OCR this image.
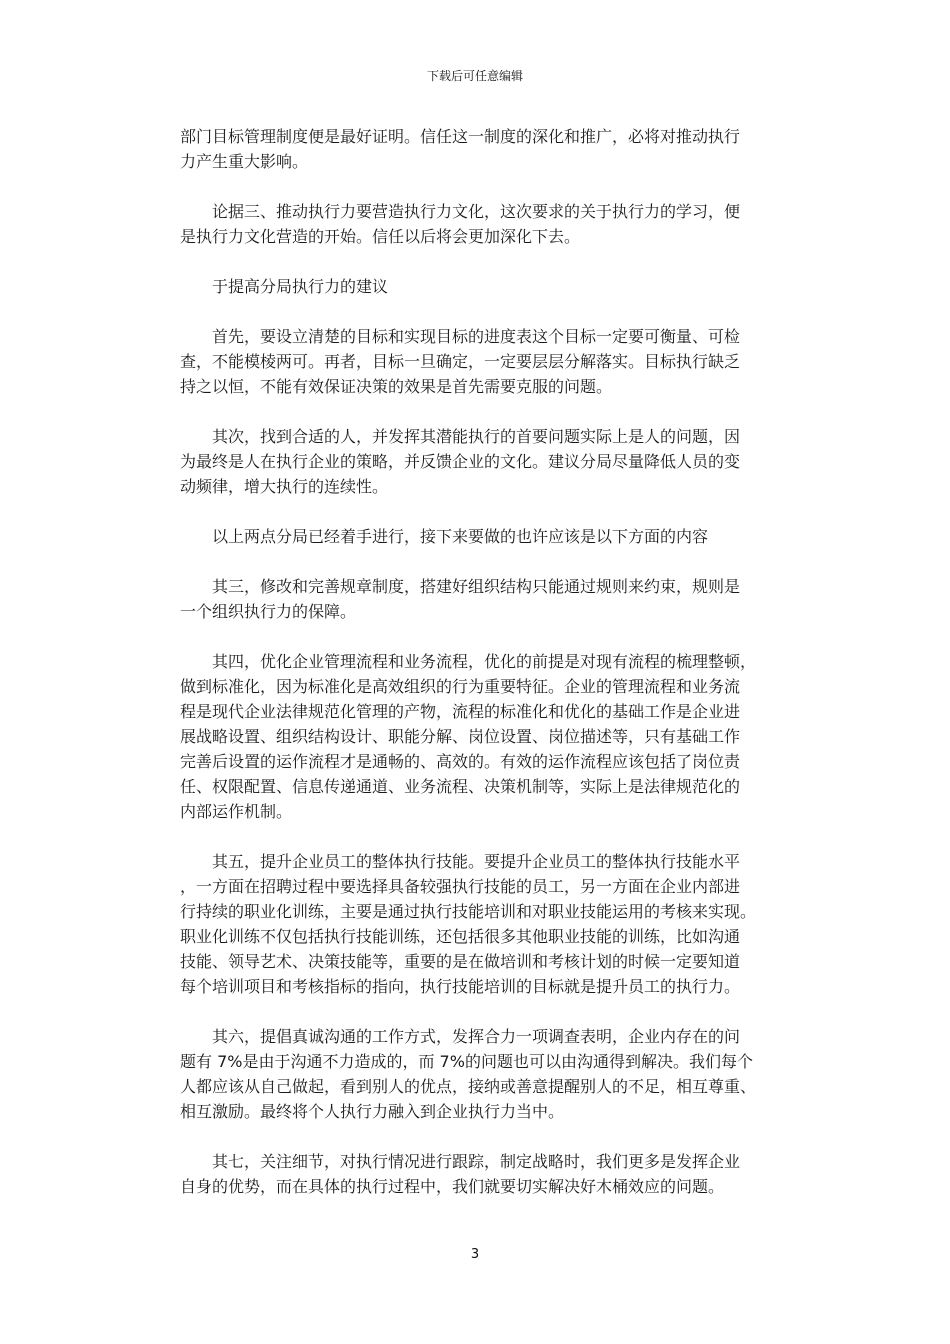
下载后可任意编辑
部门目标管理制度便是最好证明。信任这一制度的深化和推广，必将对推动执行
力产生重大影响。
　　论据三、推动执行力要营造执行力文化，这次要求的关于执行力的学习，便
是执行力文化营造的开始。信任以后将会更加深化下去。
　　于提高分局执行力的建议
　　首先，要设立清楚的目标和实现目标的进度表这个目标一定要可衡量、可检
查，不能模棱两可。再者，目标一旦确定，一定要层层分解落实。目标执行缺乏
持之以恒，不能有效保证决策的效果是首先需要克服的问题。
　　其次，找到合适的人，并发挥其潜能执行的首要问题实际上是人的问题，因
为最终是人在执行企业的策略，并反馈企业的文化。建议分局尽量降低人员的变
动频律，增大执行的连续性。
　　以上两点分局已经着手进行，接下来要做的也许应该是以下方面的内容
　　其三，修改和完善规章制度，搭建好组织结构只能通过规则来约束，规则是
一个组织执行力的保障。
　　其四，优化企业管理流程和业务流程，优化的前提是对现有流程的梳理整顿，
做到标准化，因为标准化是高效组织的行为重要特征。企业的管理流程和业务流
程是现代企业法律规范化管理的产物，流程的标准化和优化的基础工作是企业进
展战略设置、组织结构设计、职能分解、岗位设置、岗位描述等，只有基础工作
完善后设置的运作流程才是通畅的、高效的。有效的运作流程应该包括了岗位责
任、权限配置、信息传递通道、业务流程、决策机制等，实际上是法律规范化的
内部运作机制。
　　其五，提升企业员工的整体执行技能。要提升企业员工的整体执行技能水平
，一方面在招聘过程中要选择具备较强执行技能的员工，另一方面在企业内部进
行持续的职业化训练，主要是通过执行技能培训和对职业技能运用的考核来实现。
职业化训练不仅包括执行技能训练，还包括很多其他职业技能的训练，比如沟通
技能、领导艺术、决策技能等，重要的是在做培训和考核计划的时候一定要知道
每个培训项目和考核指标的指向，执行技能培训的目标就是提升员工的执行力。
　　其六，提倡真诚沟通的工作方式，发挥合力一项调查表明，企业内存在的问
题有 7%是由于沟通不力造成的，而 7%的问题也可以由沟通得到解决。我们每个
人都应该从自己做起，看到别人的优点，接纳或善意提醒别人的不足，相互尊重、
相互激励。最终将个人执行力融入到企业执行力当中。
　　其七，关注细节，对执行情况进行跟踪，制定战略时，我们更多是发挥企业
自身的优势，而在具体的执行过程中，我们就要切实解决好木桶效应的问题。
3
